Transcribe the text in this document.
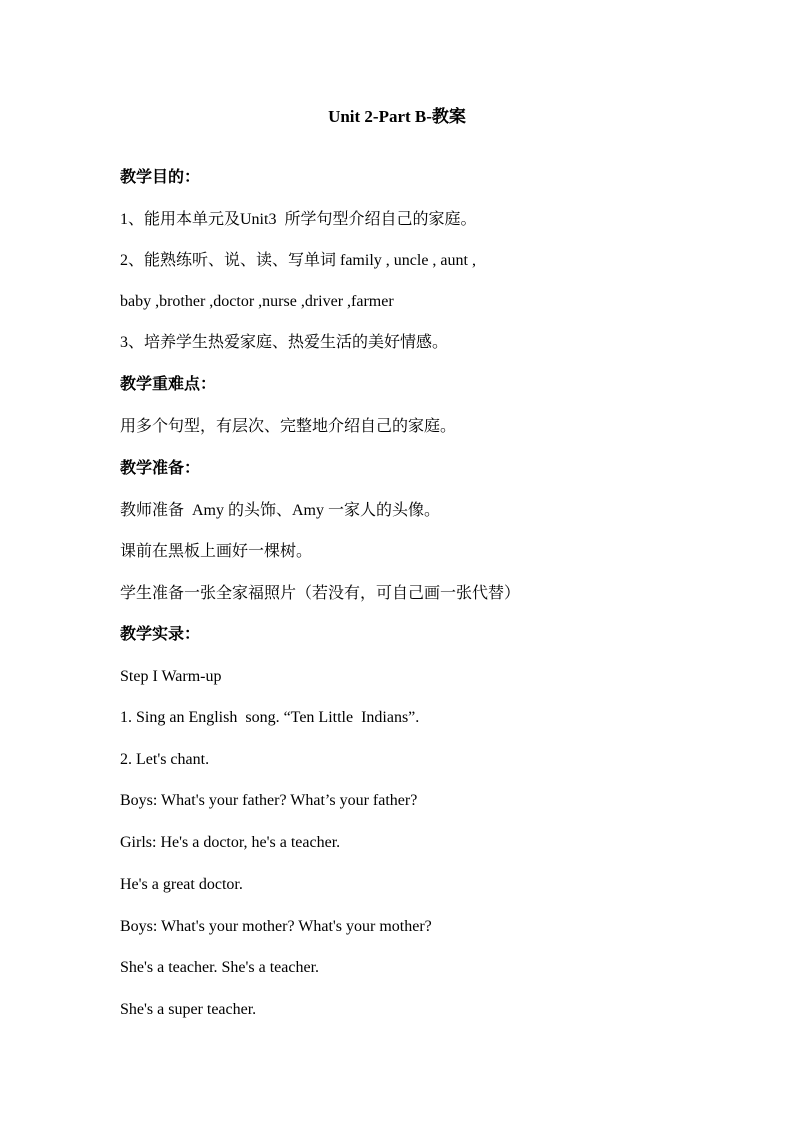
Unit 2-Part B-教案
教学目的：
1、能用本单元及Unit3  所学句型介绍自己的家庭。
2、能熟练听、说、读、写单词 family , uncle , aunt ,
baby ,brother ,doctor ,nurse ,driver ,farmer
3、培养学生热爱家庭、热爱生活的美好情感。
教学重难点：
用多个句型，有层次、完整地介绍自己的家庭。
教学准备：
教师准备  Amy 的头饰、Amy 一家人的头像。
课前在黑板上画好一棵树。
学生准备一张全家福照片（若没有，可自己画一张代替）
教学实录：
Step I Warm-up
1. Sing an English  song. “Ten Little  Indians”.
2. Let's chant.
Boys: What's your father? What’s your father?
Girls: He's a doctor, he's a teacher.
He's a great doctor.
Boys: What's your mother? What's your mother?
She's a teacher. She's a teacher.
She's a super teacher.
